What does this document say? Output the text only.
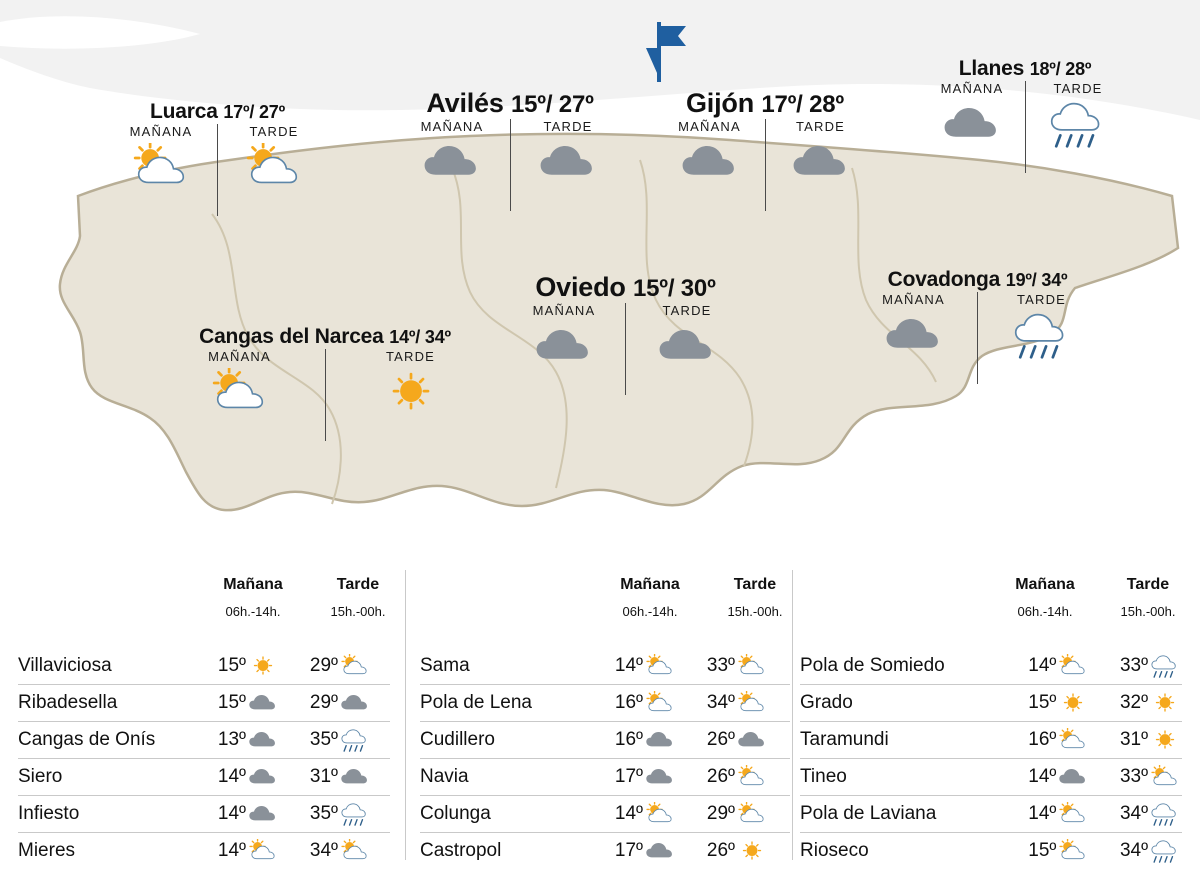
Luarca 17º/ 27º
MAÑANA	TARDE
Avilés 15º/ 27º
MAÑANA	TARDE
Gijón 17º/ 28º
MAÑANA	TARDE
Llanes 18º/ 28º
MAÑANA	TARDE
Oviedo 15º/ 30º
MAÑANA	TARDE
Covadonga 19º/ 34º
MAÑANA	TARDE
Cangas del Narcea 14º/ 34º
MAÑANA	TARDE
Mañana
06h.-14h.
Tarde
15h.-00h.
Villaviciosa	15º	29º
Ribadesella	15º	29º
Cangas de Onís	13º	35º
Siero	14º	31º
Infiesto	14º	35º
Mieres	14º	34º
Mañana
06h.-14h.
Tarde
15h.-00h.
Sama	14º	33º
Pola de Lena	16º	34º
Cudillero	16º	26º
Navia	17º	26º
Colunga	14º	29º
Castropol	17º	26º
Mañana
06h.-14h.
Tarde
15h.-00h.
Pola de Somiedo	14º	33º
Grado	15º	32º
Taramundi	16º	31º
Tineo	14º	33º
Pola de Laviana	14º	34º
Rioseco	15º	34º
